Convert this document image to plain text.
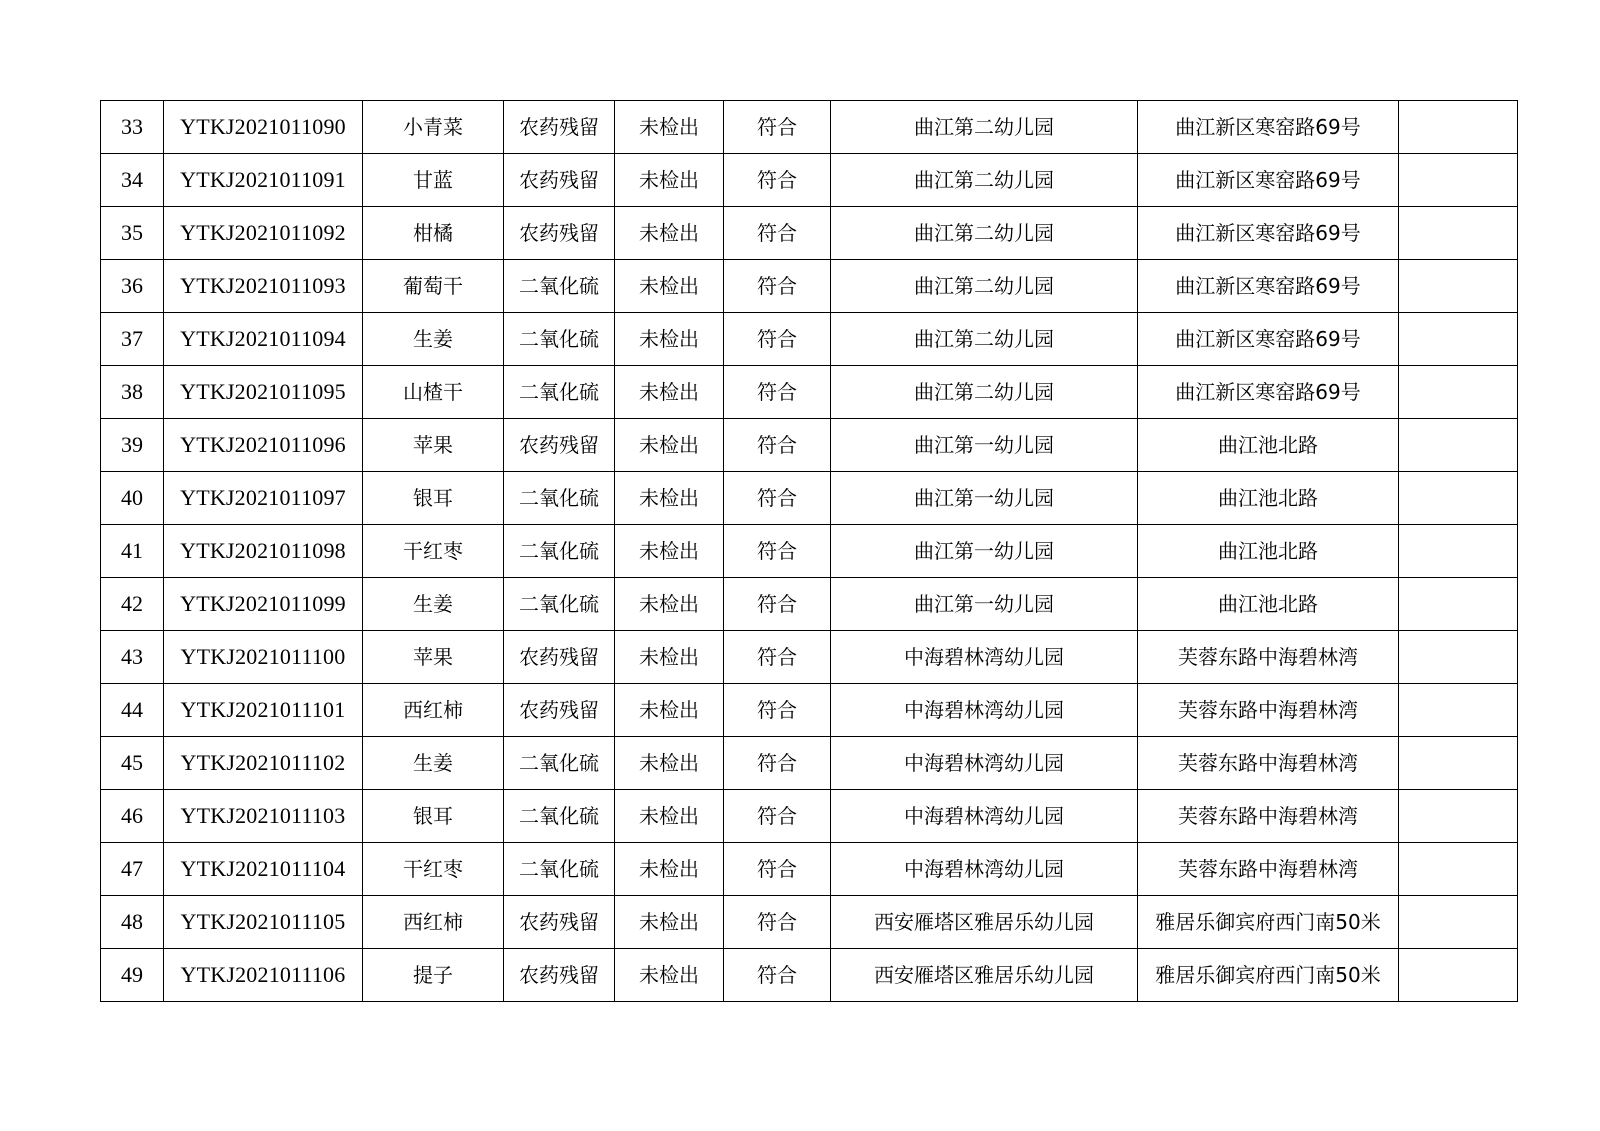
33	YTKJ2021011090	小青菜	农药残留	未检出	符合	曲江第二幼儿园	曲江新区寒窑路69号	
34	YTKJ2021011091	甘蓝	农药残留	未检出	符合	曲江第二幼儿园	曲江新区寒窑路69号	
35	YTKJ2021011092	柑橘	农药残留	未检出	符合	曲江第二幼儿园	曲江新区寒窑路69号	
36	YTKJ2021011093	葡萄干	二氧化硫	未检出	符合	曲江第二幼儿园	曲江新区寒窑路69号	
37	YTKJ2021011094	生姜	二氧化硫	未检出	符合	曲江第二幼儿园	曲江新区寒窑路69号	
38	YTKJ2021011095	山楂干	二氧化硫	未检出	符合	曲江第二幼儿园	曲江新区寒窑路69号	
39	YTKJ2021011096	苹果	农药残留	未检出	符合	曲江第一幼儿园	曲江池北路	
40	YTKJ2021011097	银耳	二氧化硫	未检出	符合	曲江第一幼儿园	曲江池北路	
41	YTKJ2021011098	干红枣	二氧化硫	未检出	符合	曲江第一幼儿园	曲江池北路	
42	YTKJ2021011099	生姜	二氧化硫	未检出	符合	曲江第一幼儿园	曲江池北路	
43	YTKJ2021011100	苹果	农药残留	未检出	符合	中海碧林湾幼儿园	芙蓉东路中海碧林湾	
44	YTKJ2021011101	西红柿	农药残留	未检出	符合	中海碧林湾幼儿园	芙蓉东路中海碧林湾	
45	YTKJ2021011102	生姜	二氧化硫	未检出	符合	中海碧林湾幼儿园	芙蓉东路中海碧林湾	
46	YTKJ2021011103	银耳	二氧化硫	未检出	符合	中海碧林湾幼儿园	芙蓉东路中海碧林湾	
47	YTKJ2021011104	干红枣	二氧化硫	未检出	符合	中海碧林湾幼儿园	芙蓉东路中海碧林湾	
48	YTKJ2021011105	西红柿	农药残留	未检出	符合	西安雁塔区雅居乐幼儿园	雅居乐御宾府西门南50米	
49	YTKJ2021011106	提子	农药残留	未检出	符合	西安雁塔区雅居乐幼儿园	雅居乐御宾府西门南50米	
